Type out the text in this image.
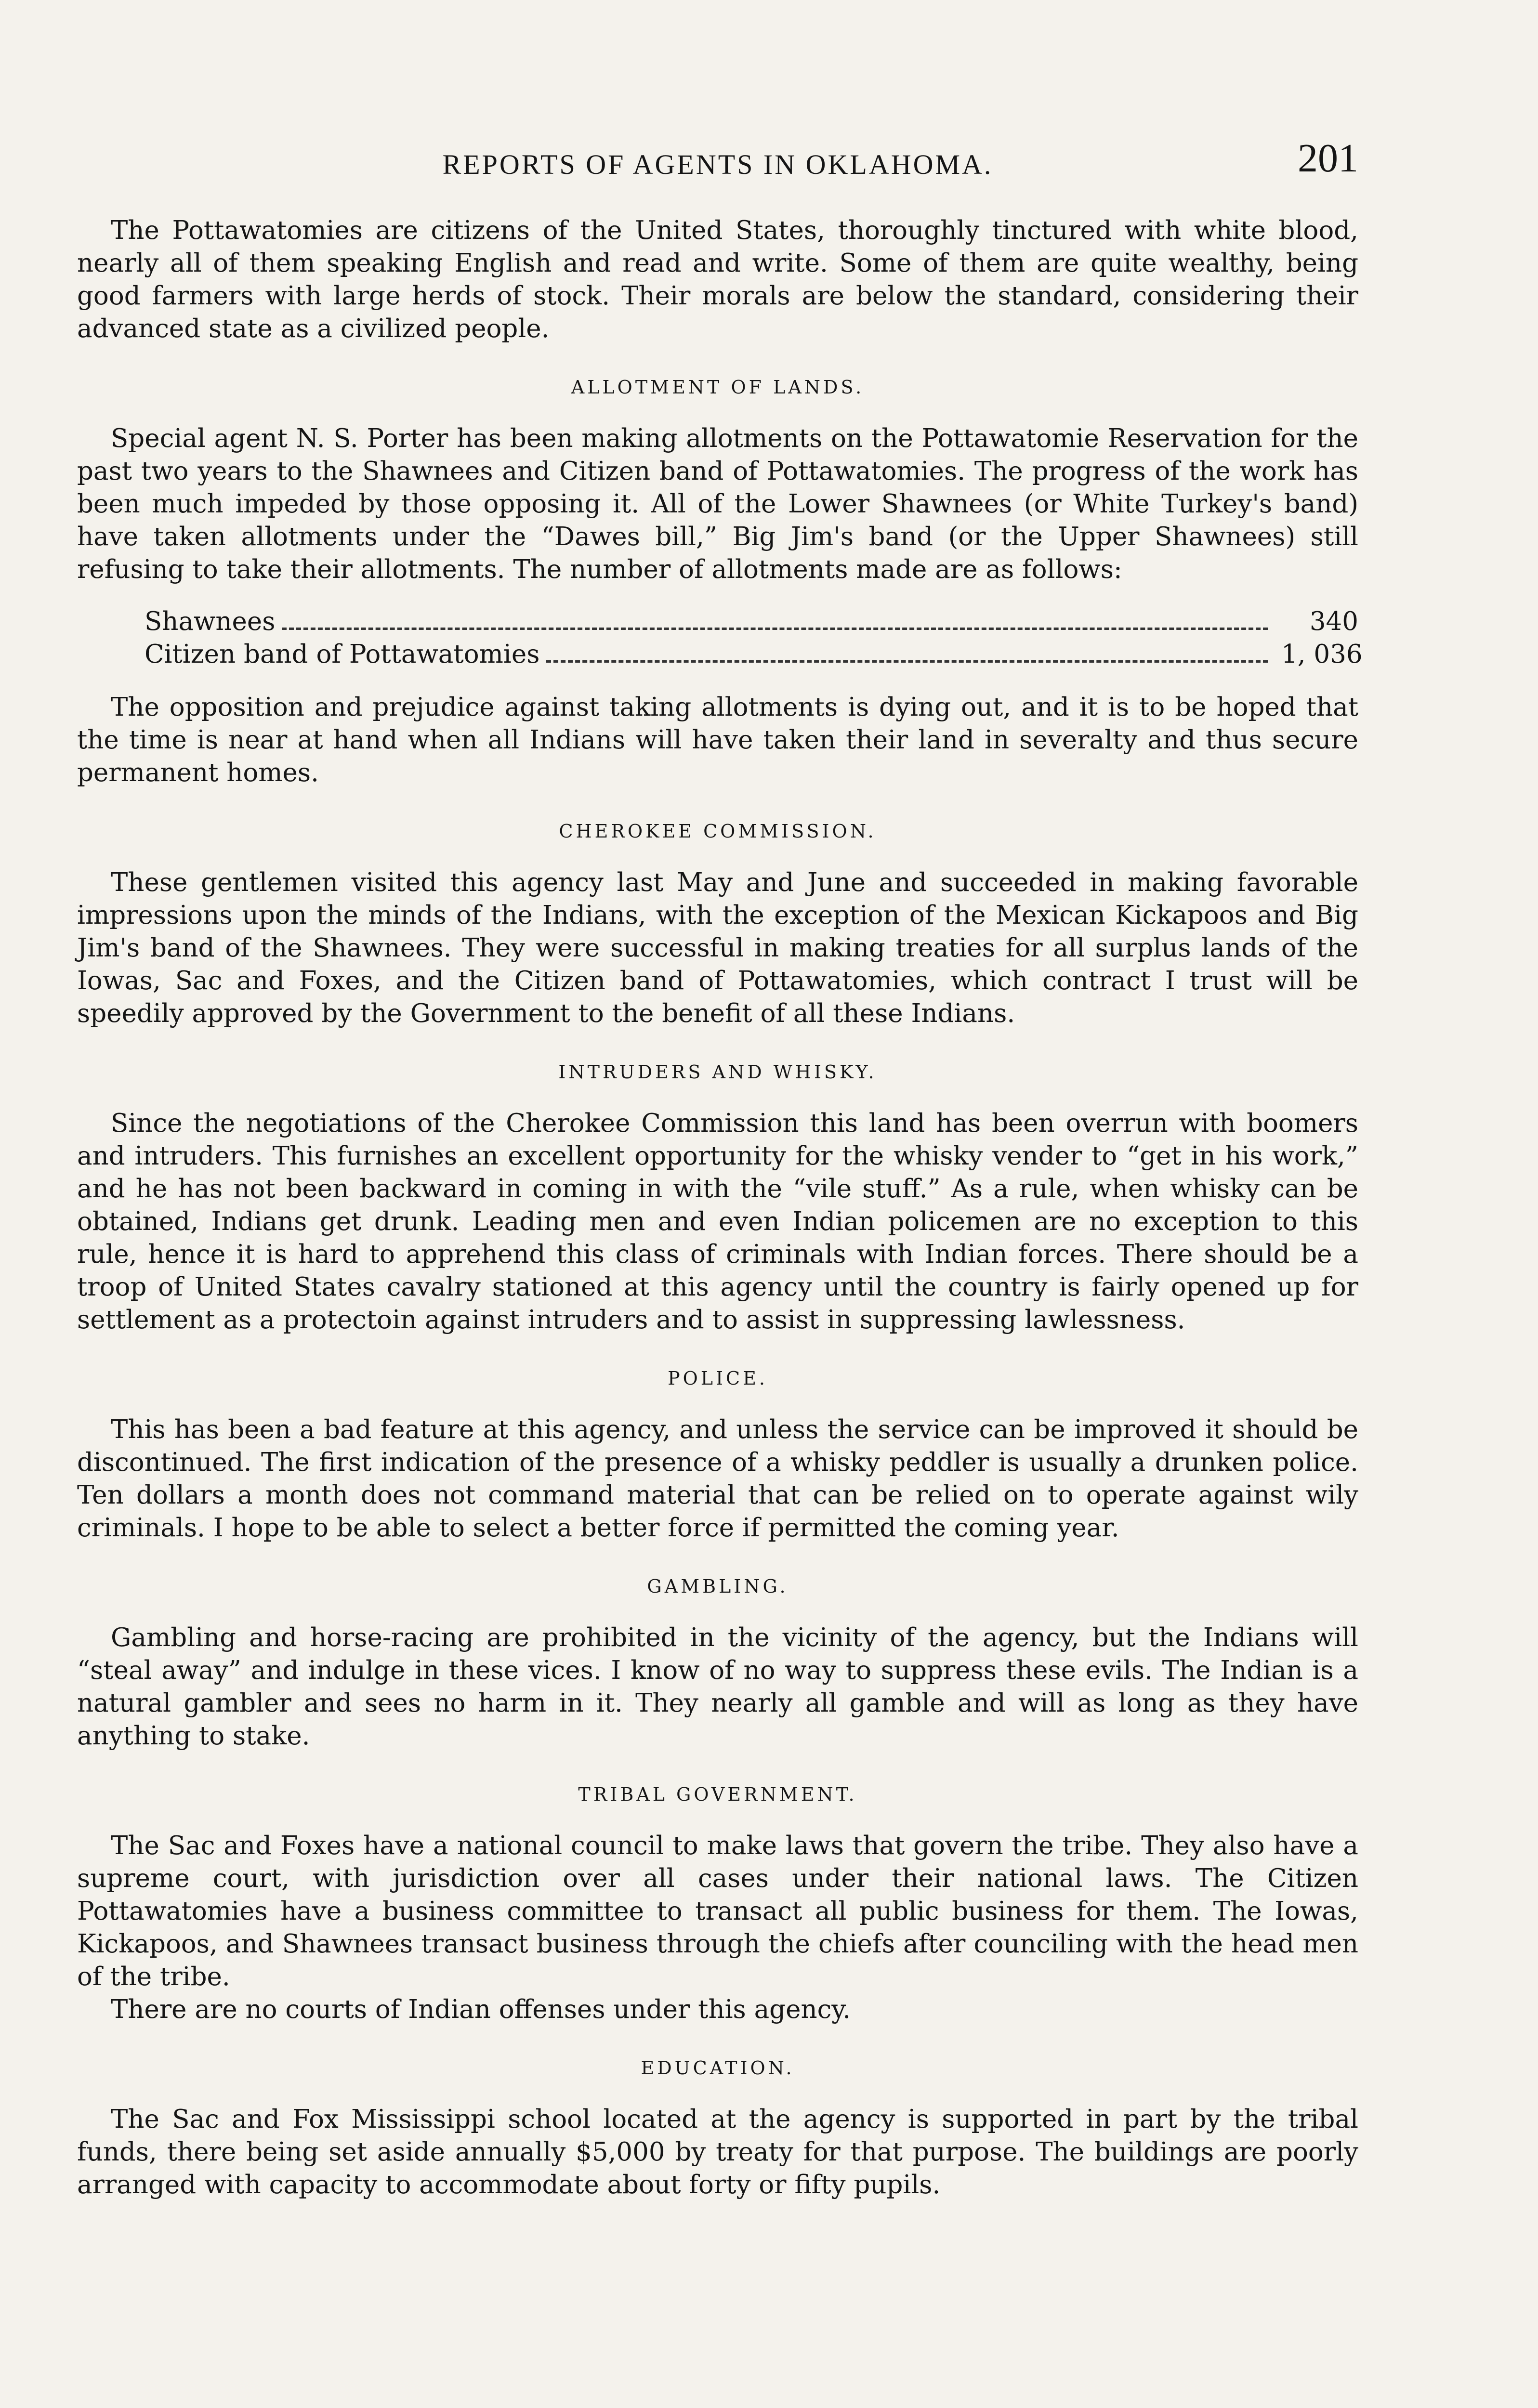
REPORTS OF AGENTS IN OKLAHOMA.	201

The Pottawatomies are citizens of the United States, thoroughly tinctured with white blood, nearly all of them speaking English and read and write. Some of them are quite wealthy, being good farmers with large herds of stock. Their morals are below the standard, considering their advanced state as a civilized people.

ALLOTMENT OF LANDS.

Special agent N. S. Porter has been making allotments on the Pottawatomie Reservation for the past two years to the Shawnees and Citizen band of Pottawatomies. The progress of the work has been much impeded by those opposing it. All of the Lower Shawnees (or White Turkey's band) have taken allotments under the “Dawes bill,” Big Jim's band (or the Upper Shawnees) still refusing to take their allotments. The number of allotments made are as follows:

Shawnees	340
Citizen band of Pottawatomies	1, 036

The opposition and prejudice against taking allotments is dying out, and it is to be hoped that the time is near at hand when all Indians will have taken their land in severalty and thus secure permanent homes.

CHEROKEE COMMISSION.

These gentlemen visited this agency last May and June and succeeded in making favorable impressions upon the minds of the Indians, with the exception of the Mexican Kickapoos and Big Jim's band of the Shawnees. They were successful in making treaties for all surplus lands of the Iowas, Sac and Foxes, and the Citizen band of Pottawatomies, which contract I trust will be speedily approved by the Government to the benefit of all these Indians.

INTRUDERS AND WHISKY.

Since the negotiations of the Cherokee Commission this land has been overrun with boomers and intruders. This furnishes an excellent opportunity for the whisky vender to “get in his work,” and he has not been backward in coming in with the “vile stuff.” As a rule, when whisky can be obtained, Indians get drunk. Leading men and even Indian policemen are no exception to this rule, hence it is hard to apprehend this class of criminals with Indian forces. There should be a troop of United States cavalry stationed at this agency until the country is fairly opened up for settlement as a protectoin against intruders and to assist in suppressing lawlessness.

POLICE.

This has been a bad feature at this agency, and unless the service can be improved it should be discontinued. The first indication of the presence of a whisky peddler is usually a drunken police. Ten dollars a month does not command material that can be relied on to operate against wily criminals. I hope to be able to select a better force if permitted the coming year.

GAMBLING.

Gambling and horse-racing are prohibited in the vicinity of the agency, but the Indians will “steal away” and indulge in these vices. I know of no way to suppress these evils. The Indian is a natural gambler and sees no harm in it. They nearly all gamble and will as long as they have anything to stake.

TRIBAL GOVERNMENT.

The Sac and Foxes have a national council to make laws that govern the tribe. They also have a supreme court, with jurisdiction over all cases under their national laws. The Citizen Pottawatomies have a business committee to transact all public business for them. The Iowas, Kickapoos, and Shawnees transact business through the chiefs after counciling with the head men of the tribe.

There are no courts of Indian offenses under this agency.

EDUCATION.

The Sac and Fox Mississippi school located at the agency is supported in part by the tribal funds, there being set aside annually $5,000 by treaty for that purpose. The buildings are poorly arranged with capacity to accommodate about forty or fifty pupils.
